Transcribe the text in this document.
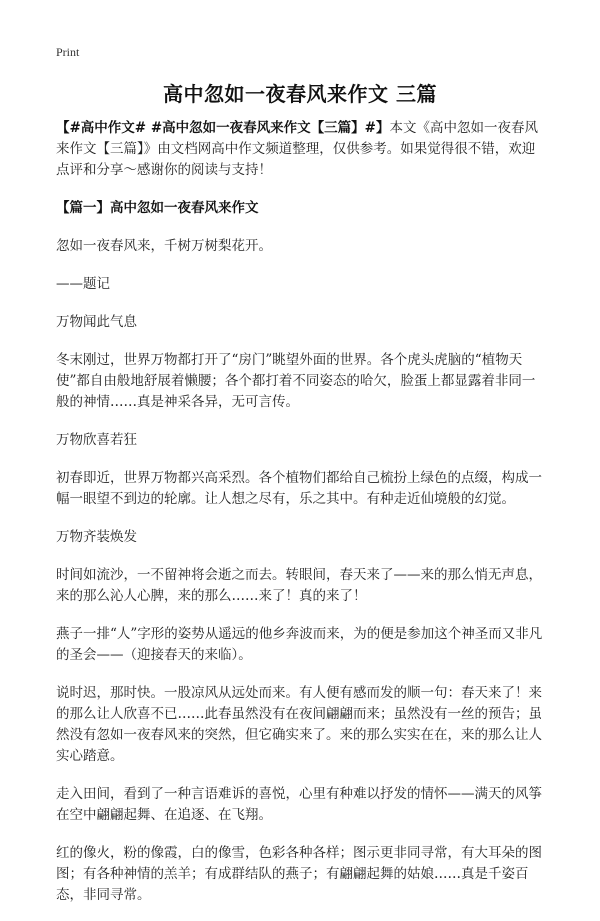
Print
高中忽如一夜春风来作文 三篇

【#高中作文# #高中忽如一夜春风来作文【三篇】#】本文《高中忽如一夜春风来作文【三篇】》由文档网高中作文频道整理，仅供参考。如果觉得很不错，欢迎点评和分享～感谢你的阅读与支持！

【篇一】高中忽如一夜春风来作文

忽如一夜春风来，千树万树梨花开。

——题记

万物闻此气息

冬末刚过，世界万物都打开了“房门”眺望外面的世界。各个虎头虎脑的“植物天使”都自由般地舒展着懒腰；各个都打着不同姿态的哈欠，脸蛋上都显露着非同一般的神情……真是神采各异，无可言传。

万物欣喜若狂

初春即近，世界万物都兴高采烈。各个植物们都给自己梳扮上绿色的点缀，构成一幅一眼望不到边的轮廓。让人想之尽有，乐之其中。有种走近仙境般的幻觉。

万物齐装焕发

时间如流沙，一不留神将会逝之而去。转眼间，春天来了——来的那么悄无声息，来的那么沁人心脾，来的那么……来了！真的来了！

燕子一排“人”字形的姿势从遥远的他乡奔波而来，为的便是参加这个神圣而又非凡的圣会——（迎接春天的来临）。

说时迟，那时快。一股凉风从远处而来。有人便有感而发的顺一句：春天来了！来的那么让人欣喜不已……此春虽然没有在夜间翩翩而来；虽然没有一丝的预告；虽然没有忽如一夜春风来的突然，但它确实来了。来的那么实实在在，来的那么让人实心踏意。

走入田间，看到了一种言语难诉的喜悦，心里有种难以抒发的情怀——满天的风筝在空中翩翩起舞、在追逐、在飞翔。

红的像火，粉的像霞，白的像雪，色彩各种各样；图示更非同寻常，有大耳朵的图图；有各种神情的羔羊；有成群结队的燕子；有翩翩起舞的姑娘……真是千姿百态，非同寻常。
